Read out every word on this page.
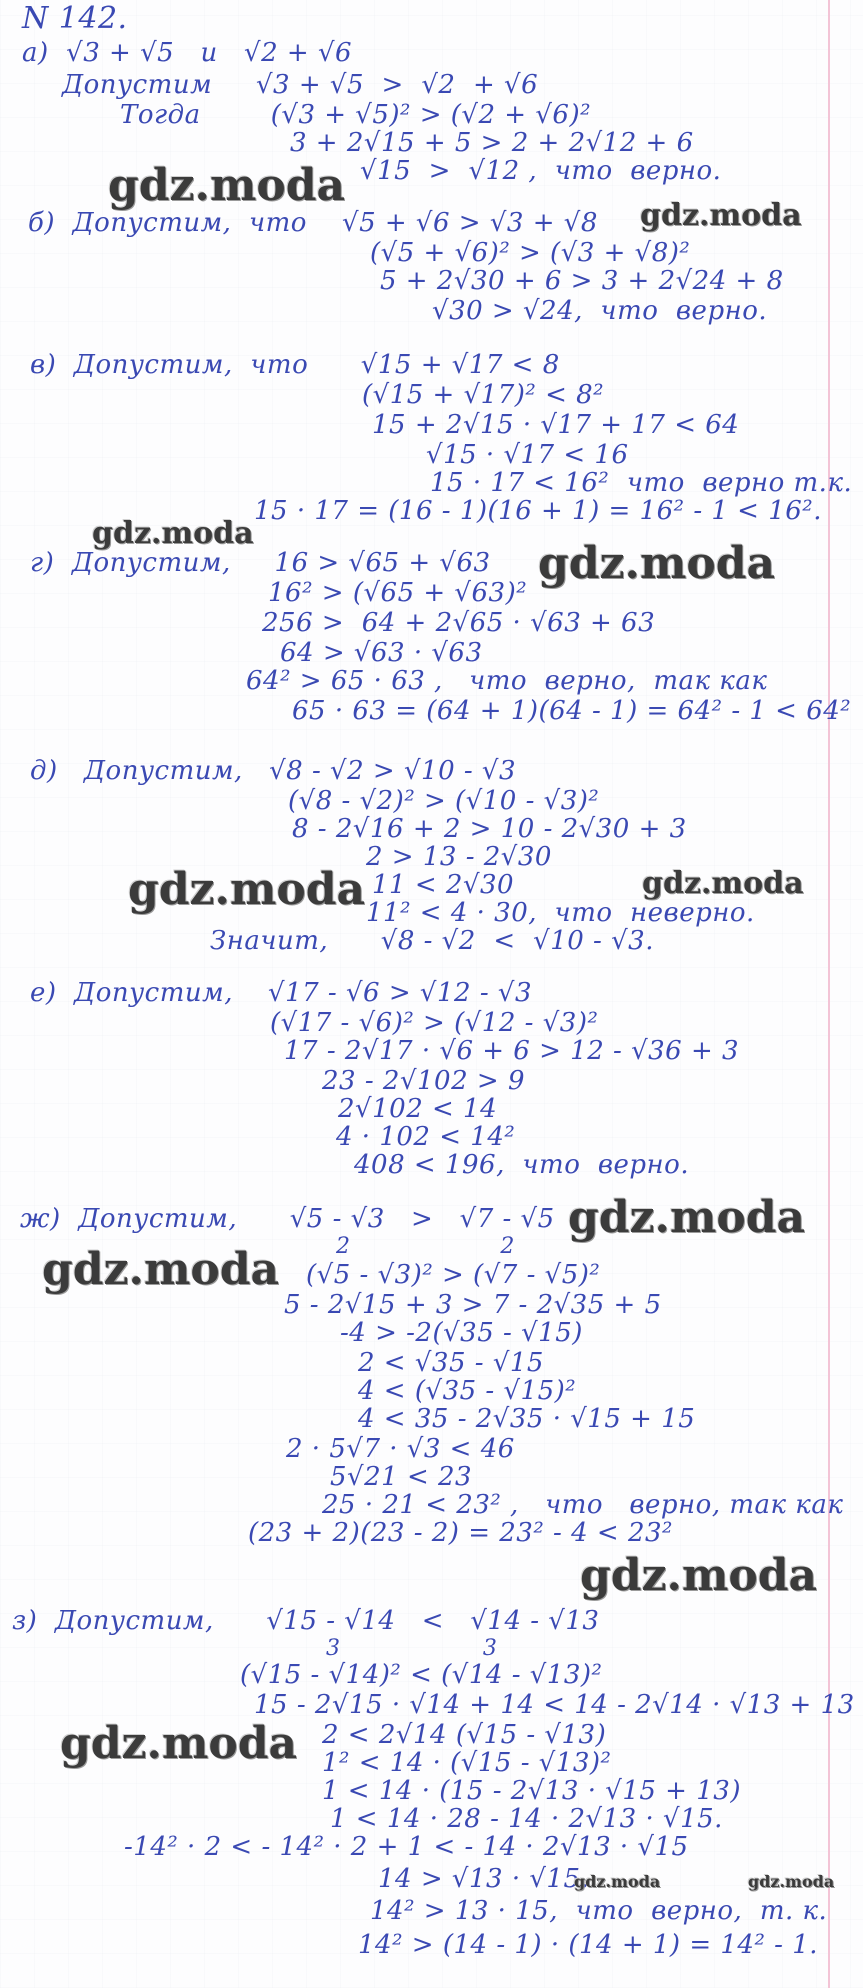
N 142.
а)  √3 + √5   и   √2 + √6
Допустим     √3 + √5  >  √2  + √6
Тогда        (√3 + √5)² > (√2 + √6)²
3 + 2√15 + 5 > 2 + 2√12 + 6
√15  >  √12 ,  что  верно.
gdz.moda
б)  Допустим,  что    √5 + √6 > √3 + √8 gdz.moda
(√5 + √6)² > (√3 + √8)²
5 + 2√30 + 6 > 3 + 2√24 + 8
√30 > √24,  что  верно.
в)  Допустим,  что      √15 + √17 < 8
(√15 + √17)² < 8²
15 + 2√15 · √17 + 17 < 64
√15 · √17 < 16
15 · 17 < 16²  что  верно т.к.
15 · 17 = (16 - 1)(16 + 1) = 16² - 1 < 16².
gdz.moda
г)  Допустим,     16 > √65 + √63 gdz.moda
16² > (√65 + √63)²
256 >  64 + 2√65 · √63 + 63
64 > √63 · √63
64² > 65 · 63 ,   что  верно,  так как
65 · 63 = (64 + 1)(64 - 1) = 64² - 1 < 64²
д)   Допустим,   √8 - √2 > √10 - √3
(√8 - √2)² > (√10 - √3)²
8 - 2√16 + 2 > 10 - 2√30 + 3
2 > 13 - 2√30
gdz.moda	gdz.moda
11 < 2√30
11² < 4 · 30,  что  неверно.
Значит,      √8 - √2  <  √10 - √3.
е)  Допустим,    √17 - √6 > √12 - √3
(√17 - √6)² > (√12 - √3)²
17 - 2√17 · √6 + 6 > 12 - √36 + 3
23 - 2√102 > 9
2√102 < 14
4 · 102 < 14²
408 < 196,  что  верно.
ж)  Допустим,      √5 - √3   >   √7 - √5 gdz.moda
2                    2
gdz.moda (√5 - √3)² > (√7 - √5)²
5 - 2√15 + 3 > 7 - 2√35 + 5
-4 > -2(√35 - √15)
2 < √35 - √15
4 < (√35 - √15)²
4 < 35 - 2√35 · √15 + 15
2 · 5√7 · √3 < 46
5√21 < 23
25 · 21 < 23² ,   что   верно, так как
(23 + 2)(23 - 2) = 23² - 4 < 23²
gdz.moda
з)  Допустим,      √15 - √14   <   √14 - √13
3                   3
(√15 - √14)² < (√14 - √13)²
15 - 2√15 · √14 + 14 < 14 - 2√14 · √13 + 13
gdz.moda 2 < 2√14 (√15 - √13)
1² < 14 · (√15 - √13)²
1 < 14 · (15 - 2√13 · √15 + 13)
1 < 14 · 28 - 14 · 2√13 · √15.
-14² · 2 < - 14² · 2 + 1 < - 14 · 2√13 · √15
14 > √13 · √15.
gdz.moda	gdz.moda
14² > 13 · 15,  что  верно,  т. к.
14² > (14 - 1) · (14 + 1) = 14² - 1.
